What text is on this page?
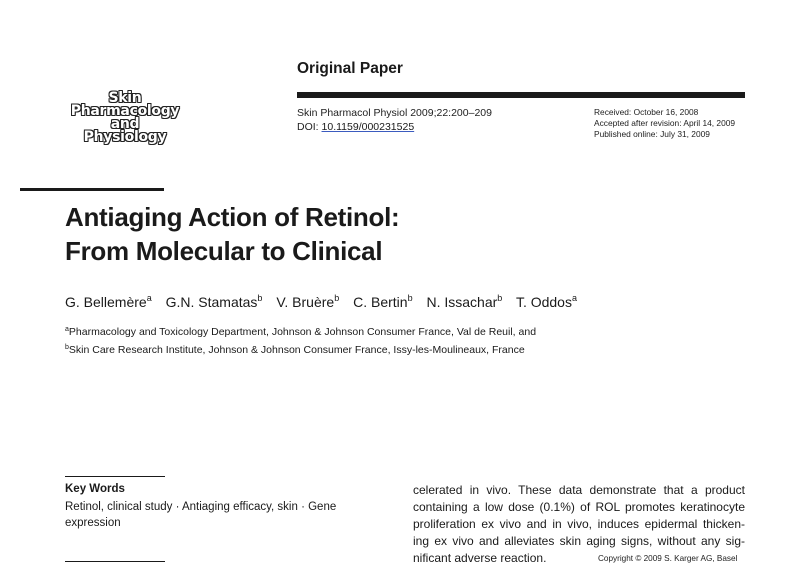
Skin
Pharmacology
and
Physiology
Original Paper
Skin Pharmacol Physiol 2009;22:200–209
DOI: 10.1159/000231525
Received: October 16, 2008
Accepted after revision: April 14, 2009
Published online: July 31, 2009
Antiaging Action of Retinol:
From Molecular to Clinical
G. Bellemère$^a$ G.N. Stamatas$^b$ V. Bruère$^b$ C. Bertin$^b$ N. Issachar$^b$ T. Oddos$^a$
$^a$Pharmacology and Toxicology Department, Johnson & Johnson Consumer France, Val de Reuil, and
$^b$Skin Care Research Institute, Johnson & Johnson Consumer France, Issy-les-Moulineaux, France
Key Words
Retinol, clinical study · Antiaging efficacy, skin · Gene expression
celerated in vivo. These data demonstrate that a product
containing a low dose (0.1%) of ROL promotes keratinocyte
proliferation ex vivo and in vivo, induces epidermal thicken-
ing ex vivo and alleviates skin aging signs, without any sig-
nificant adverse reaction.	Copyright © 2009 S. Karger AG, Basel
